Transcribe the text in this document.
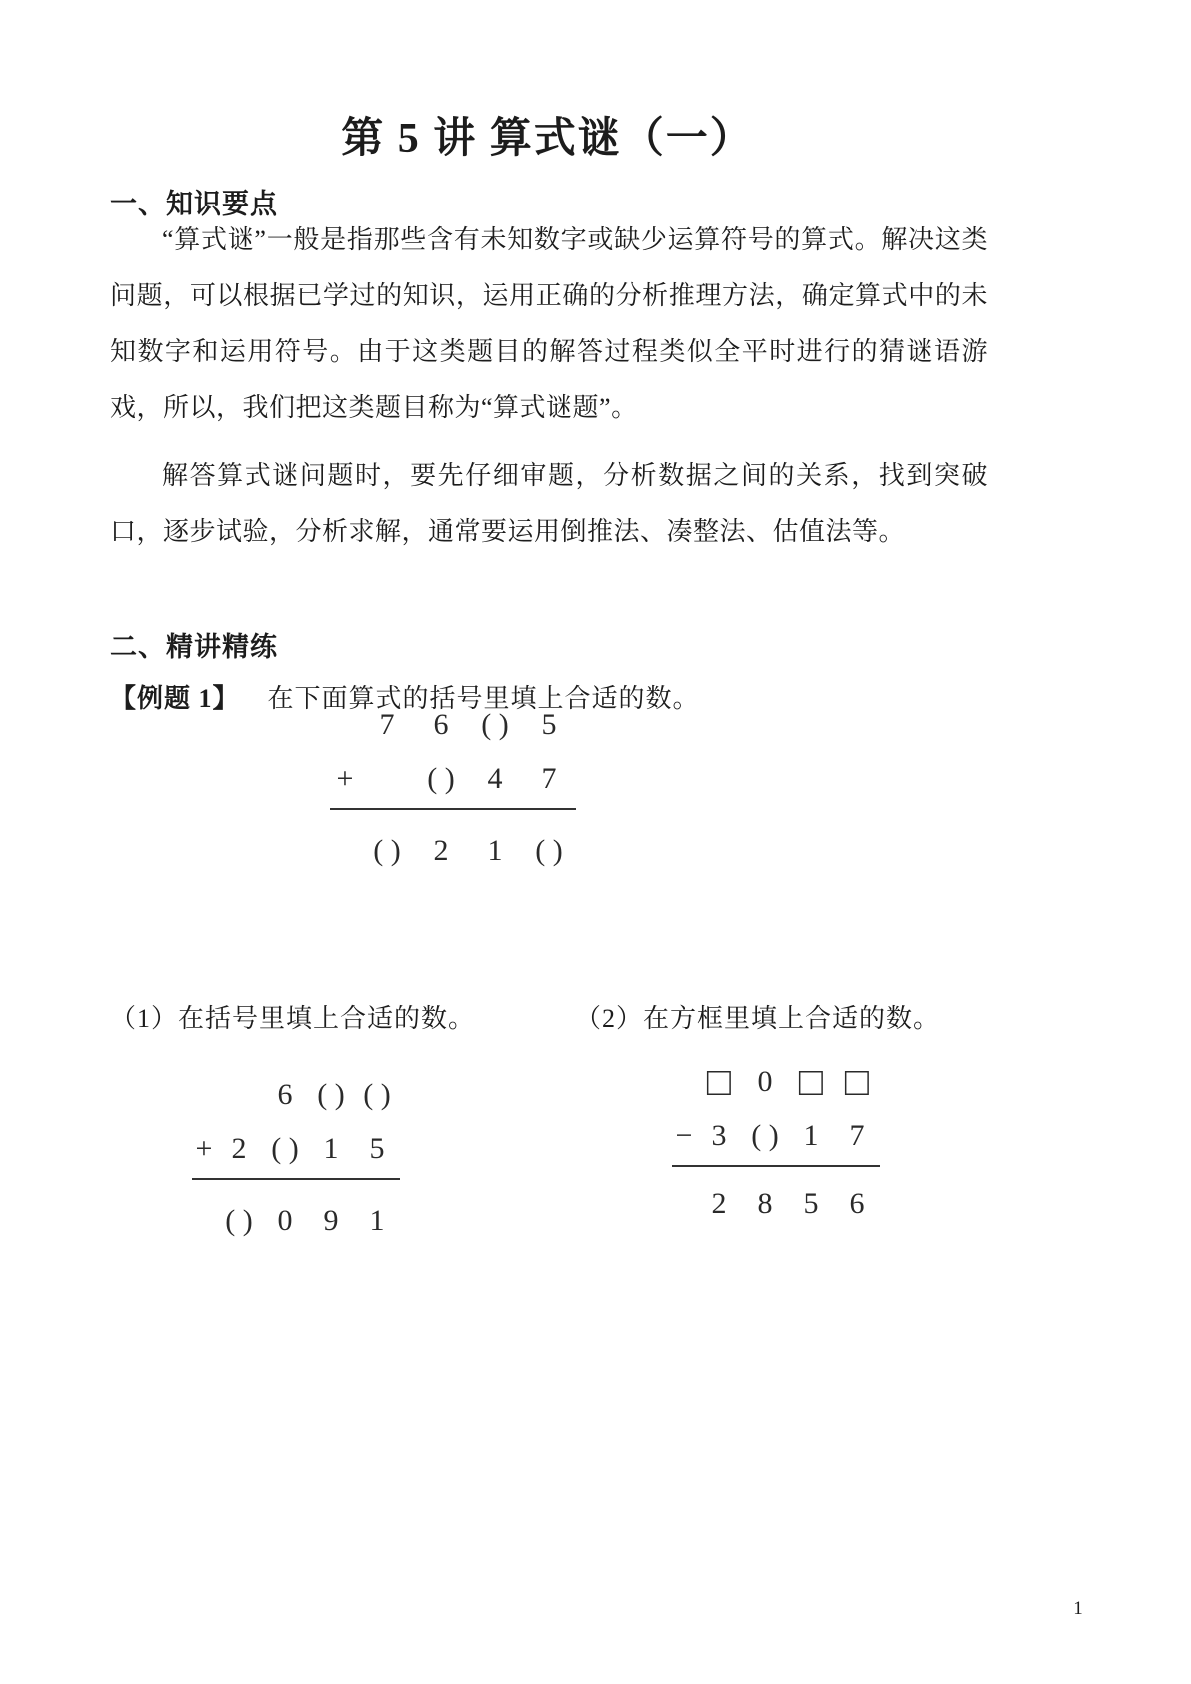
第 5 讲 算式谜（一）
一、知识要点

“算式谜”一般是指那些含有未知数字或缺少运算符号的算式。解决这类问题，可以根据已学过的知识，运用正确的分析推理方法，确定算式中的未知数字和运用符号。由于这类题目的解答过程类似全平时进行的猜谜语游戏，所以，我们把这类题目称为“算式谜题”。

解答算式谜问题时，要先仔细审题，分析数据之间的关系，找到突破口，逐步试验，分析求解，通常要运用倒推法、凑整法、估值法等。

二、精讲精练
【例题 1】 在下面算式的括号里填上合适的数。
7	6	( )	5
+	( )	4	7
( )	2	1	( )
（1）在括号里填上合适的数。	（2）在方框里填上合适的数。
6 ( ) ( )
+ 2 ( ) 1	5
( ) 0	9	1
□ 0 □ □
− 3 ( ) 1	7
2	8	5	6
1
